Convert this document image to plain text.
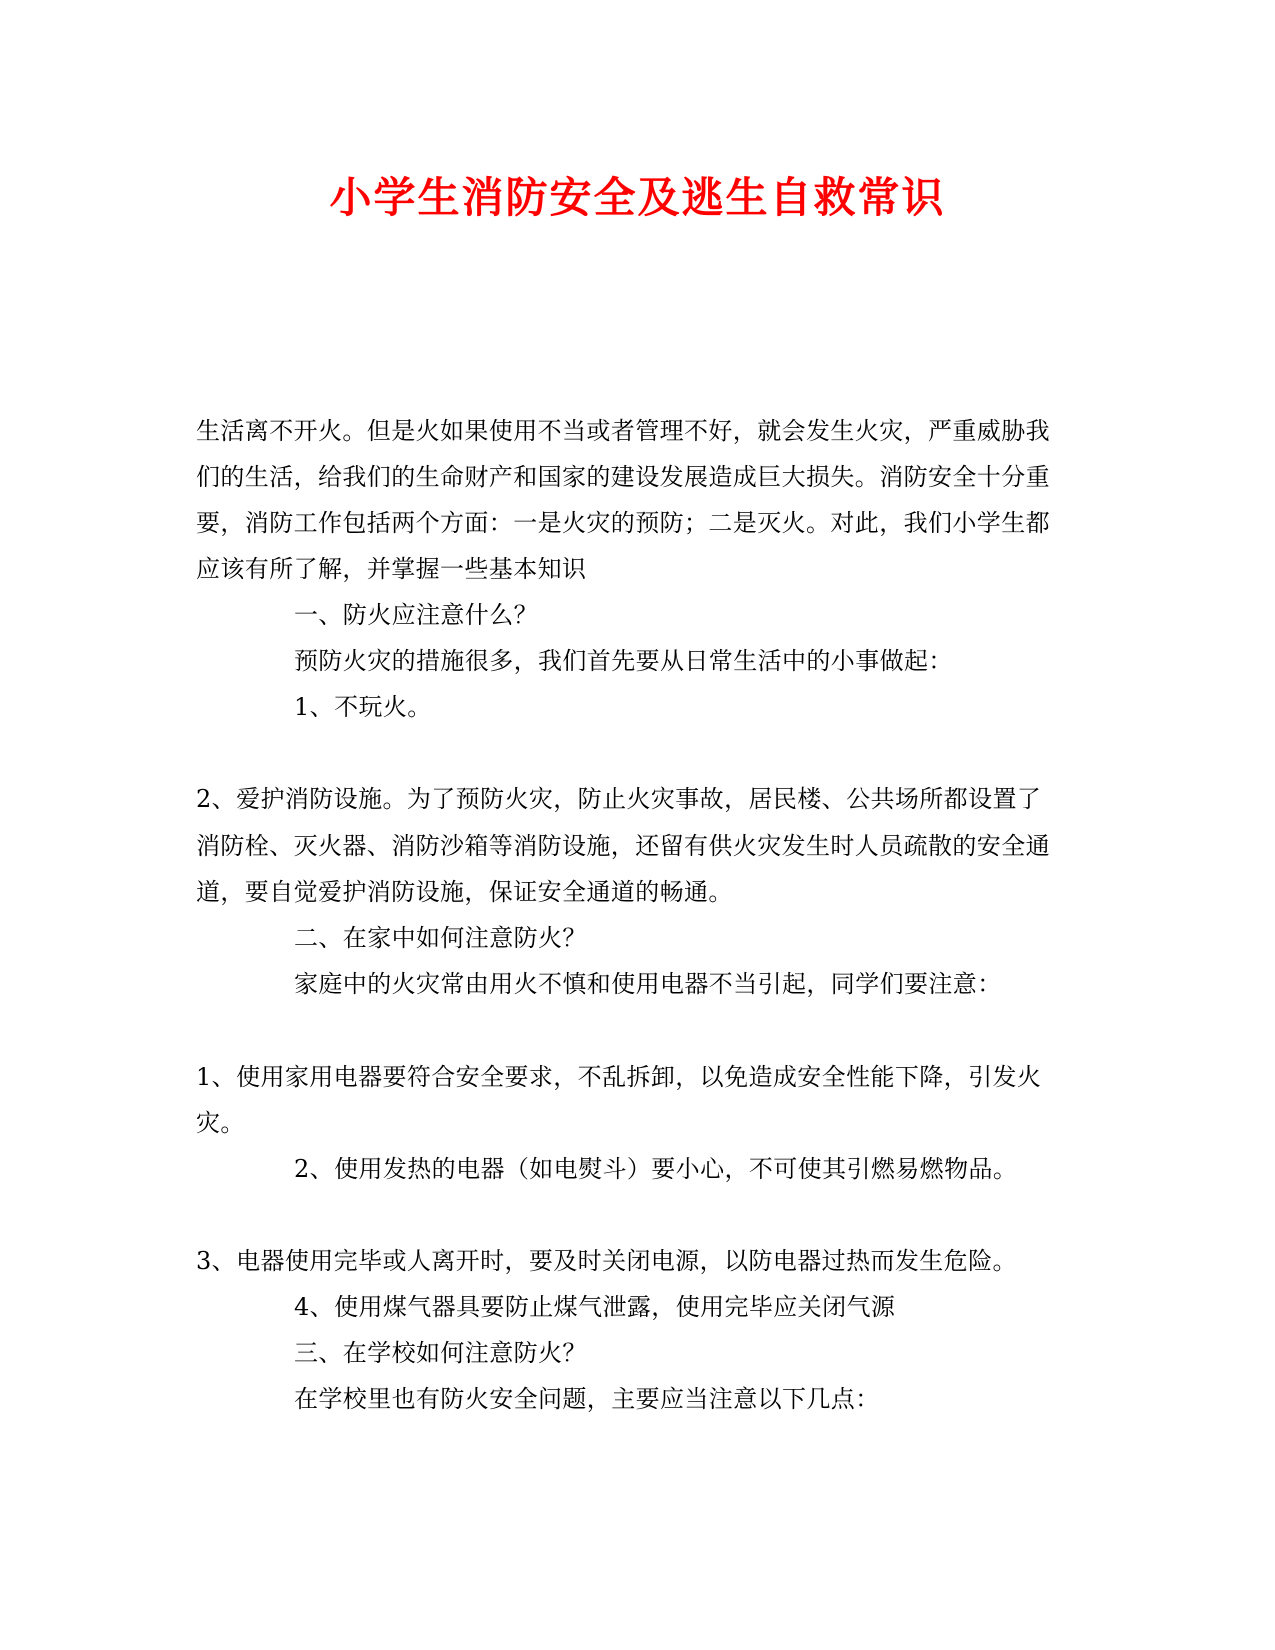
小学生消防安全及逃生自救常识
生活离不开火。但是火如果使用不当或者管理不好，就会发生火灾，严重威胁我
们的生活，给我们的生命财产和国家的建设发展造成巨大损失。消防安全十分重
要，消防工作包括两个方面：一是火灾的预防；二是灭火。对此，我们小学生都
应该有所了解，并掌握一些基本知识
一、防火应注意什么？
预防火灾的措施很多，我们首先要从日常生活中的小事做起：
1、不玩火。
2、爱护消防设施。为了预防火灾，防止火灾事故，居民楼、公共场所都设置了
消防栓、灭火器、消防沙箱等消防设施，还留有供火灾发生时人员疏散的安全通
道，要自觉爱护消防设施，保证安全通道的畅通。
二、在家中如何注意防火？
家庭中的火灾常由用火不慎和使用电器不当引起，同学们要注意：
1、使用家用电器要符合安全要求，不乱拆卸，以免造成安全性能下降，引发火
灾。
2、使用发热的电器（如电熨斗）要小心，不可使其引燃易燃物品。
3、电器使用完毕或人离开时，要及时关闭电源，以防电器过热而发生危险。
4、使用煤气器具要防止煤气泄露，使用完毕应关闭气源
三、在学校如何注意防火？
在学校里也有防火安全问题，主要应当注意以下几点：
